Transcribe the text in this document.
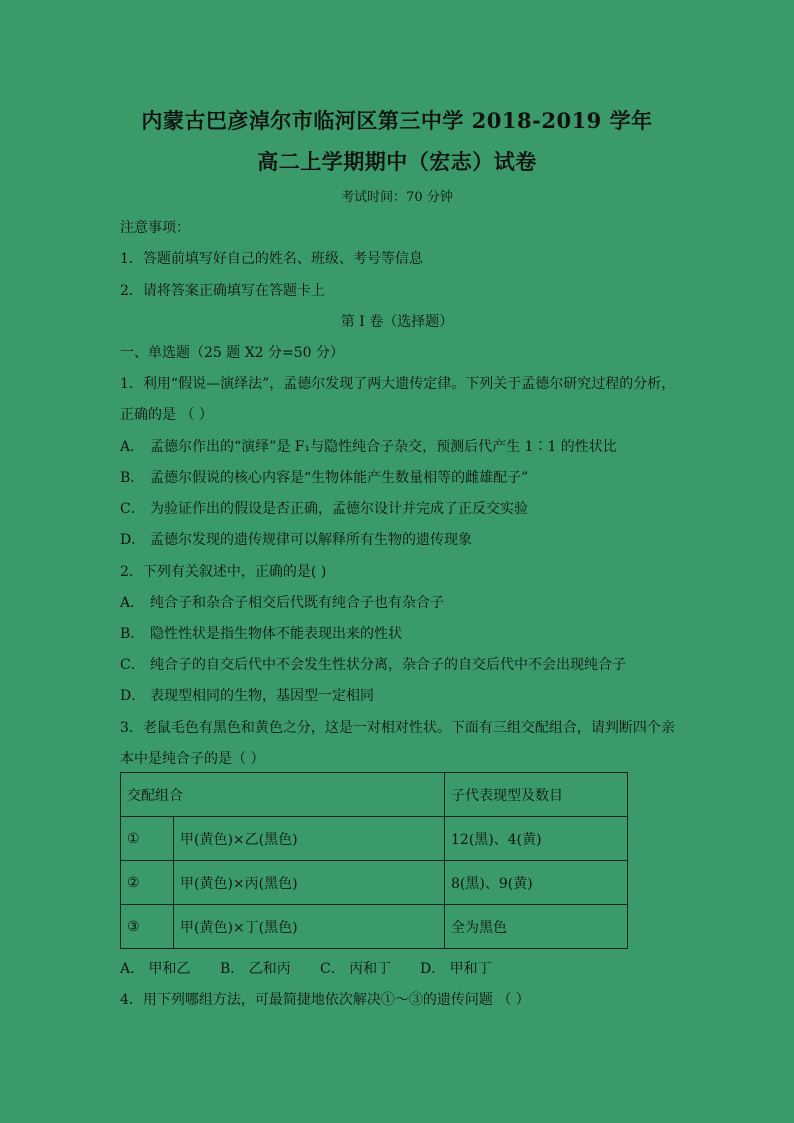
内蒙古巴彦淖尔市临河区第三中学 2018-2019 学年
高二上学期期中（宏志）试卷
考试时间：70 分钟
注意事项：
1．答题前填写好自己的姓名、班级、考号等信息
2．请将答案正确填写在答题卡上
第 I 卷（选择题）
一、单选题（25 题 X2 分=50 分）
1．利用“假说—演绎法”，孟德尔发现了两大遗传定律。下列关于孟德尔研究过程的分析，
正确的是 （ ）
A． 孟德尔作出的“演绎”是 F₁与隐性纯合子杂交，预测后代产生 1∶1 的性状比
B． 孟德尔假说的核心内容是“生物体能产生数量相等的雌雄配子”
C． 为验证作出的假设是否正确，孟德尔设计并完成了正反交实验
D． 孟德尔发现的遗传规律可以解释所有生物的遗传现象
2．下列有关叙述中，正确的是( )
A． 纯合子和杂合子相交后代既有纯合子也有杂合子
B． 隐性性状是指生物体不能表现出来的性状
C． 纯合子的自交后代中不会发生性状分离，杂合子的自交后代中不会出现纯合子
D． 表现型相同的生物，基因型一定相同
3．老鼠毛色有黑色和黄色之分，这是一对相对性状。下面有三组交配组合，请判断四个亲
本中是纯合子的是（ ）
交配组合		子代表现型及数目
①	甲(黄色)×乙(黑色)	12(黑)、4(黄)
②	甲(黄色)×丙(黑色)	8(黑)、9(黄)
③	甲(黄色)×丁(黑色)	全为黑色
A． 甲和乙 B． 乙和丙 C． 丙和丁 D． 甲和丁
4．用下列哪组方法，可最简捷地依次解决①～③的遗传问题 （ ）
